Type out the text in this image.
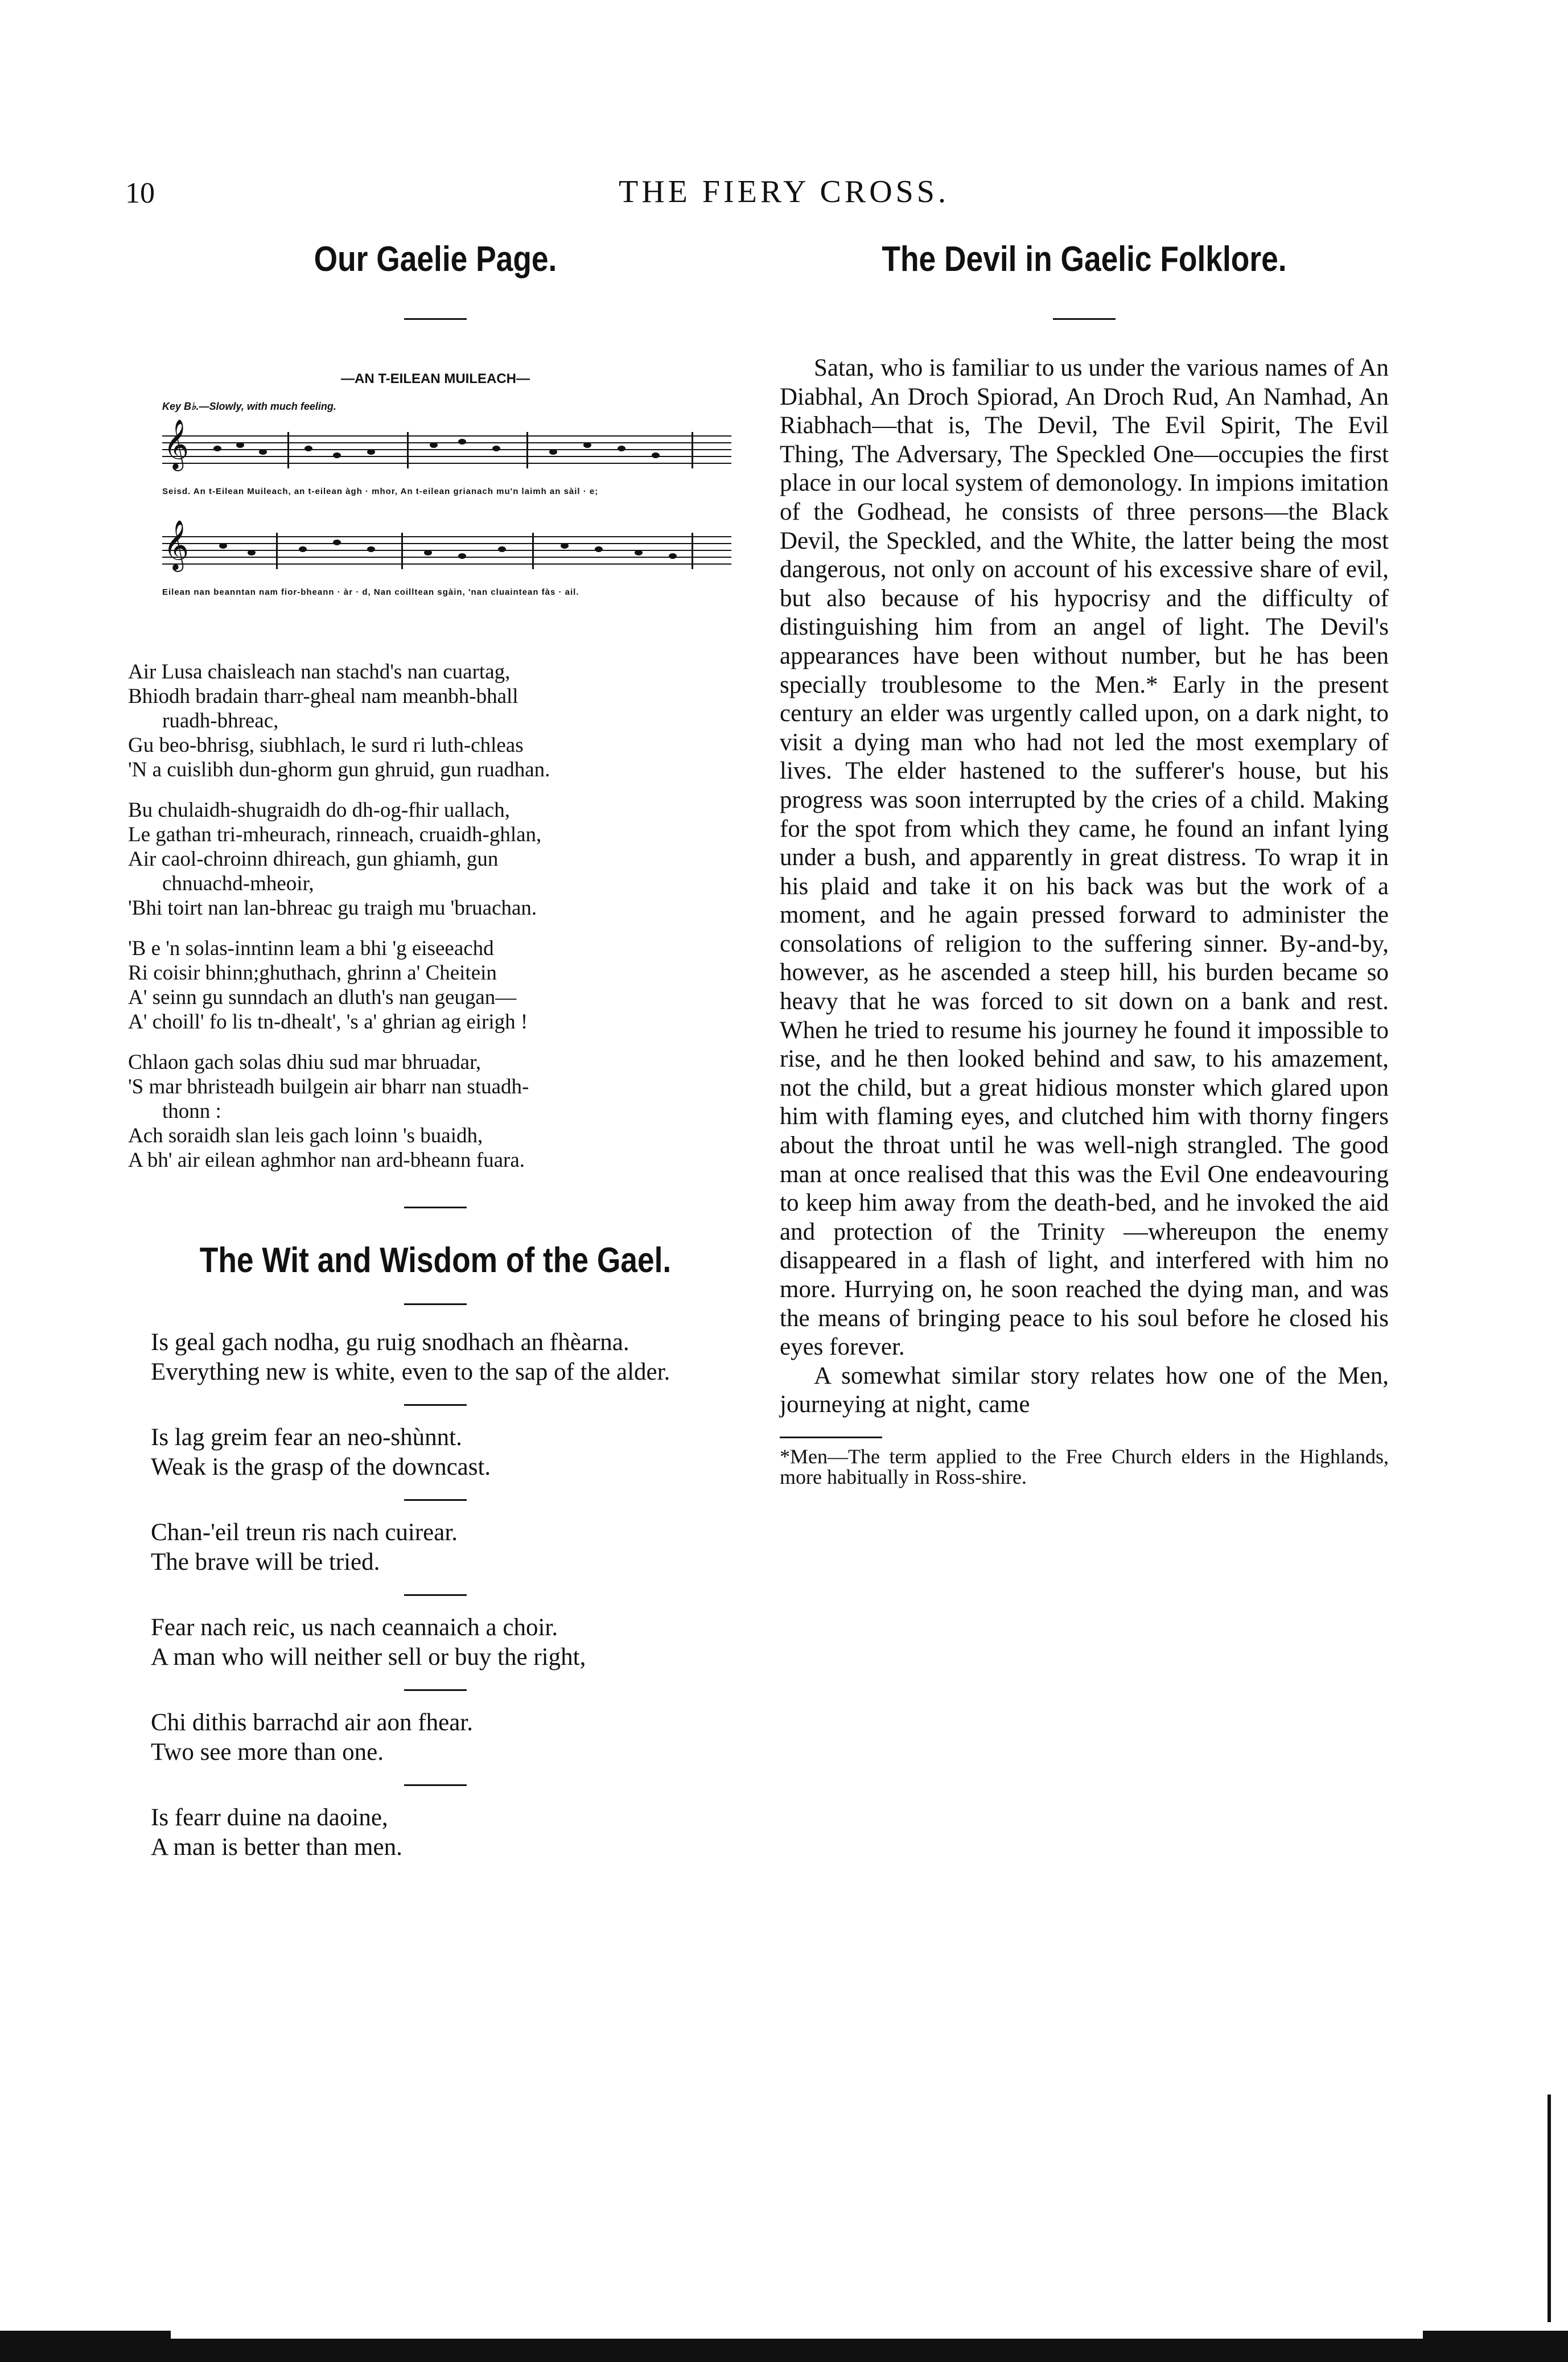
10	THE FIERY CROSS.
Our Gaelie Page.
—AN T-EILEAN MUILEACH—
Key B♭.—Slowly, with much feeling.
𝄞
Seisd. An t-Eilean Muileach, an t-eilean àgh · mhor, An t-eilean grianach mu'n laimh an sàil · e;
𝄞
Eilean nan beanntan nam fior-bheann · àr · d, Nan coilltean sgàin, 'nan cluaintean fàs · ail.
Air Lusa chaisleach nan stachd's nan cuartag,
Bhiodh bradain tharr-gheal nam meanbh-bhall
ruadh-bhreac,
Gu beo-bhrisg, siubhlach, le surd ri luth-chleas
'N a cuislibh dun-ghorm gun ghruid, gun ruadhan.
Bu chulaidh-shugraidh do dh-og-fhir uallach,
Le gathan tri-mheurach, rinneach, cruaidh-ghlan,
Air caol-chroinn dhireach, gun ghiamh, gun
chnuachd-mheoir,
'Bhi toirt nan lan-bhreac gu traigh mu 'bruachan.
'B e 'n solas-inntinn leam a bhi 'g eiseeachd
Ri coisir bhinn;ghuthach, ghrinn a' Cheitein
A' seinn gu sunndach an dluth's nan geugan—
A' choill' fo lis tn-dhealt', 's a' ghrian ag eirigh !
Chlaon gach solas dhiu sud mar bhruadar,
'S mar bhristeadh builgein air bharr nan stuadh-
thonn :
Ach soraidh slan leis gach loinn 's buaidh,
A bh' air eilean aghmhor nan ard-bheann fuara.
The Wit and Wisdom of the Gael.
Is geal gach nodha, gu ruig snodhach an fhèarna.
Everything new is white, even to the sap of the alder.
Is lag greim fear an neo-shùnnt.
Weak is the grasp of the downcast.
Chan-'eil treun ris nach cuirear.
The brave will be tried.
Fear nach reic, us nach ceannaich a choir.
A man who will neither sell or buy the right,
Chi dithis barrachd air aon fhear.
Two see more than one.
Is fearr duine na daoine,
A man is better than men.
The Devil in Gaelic Folklore.

Satan, who is familiar to us under the various names of An Diabhal, An Droch Spiorad, An Droch Rud, An Namhad, An Riabhach—that is, The Devil, The Evil Spirit, The Evil Thing, The Adversary, The Speckled One—occupies the first place in our local system of demonology. In impions imitation of the Godhead, he consists of three persons—the Black Devil, the Speckled, and the White, the latter being the most dangerous, not only on account of his excessive share of evil, but also because of his hypocrisy and the difficulty of distinguishing him from an angel of light. The Devil's appearances have been without number, but he has been specially troublesome to the Men.* Early in the present century an elder was urgently called upon, on a dark night, to visit a dying man who had not led the most exemplary of lives. The elder hastened to the sufferer's house, but his progress was soon interrupted by the cries of a child. Making for the spot from which they came, he found an infant lying under a bush, and apparently in great distress. To wrap it in his plaid and take it on his back was but the work of a moment, and he again pressed forward to administer the consolations of religion to the suffering sinner. By-and-by, however, as he ascended a steep hill, his burden became so heavy that he was forced to sit down on a bank and rest. When he tried to resume his journey he found it impossible to rise, and he then looked behind and saw, to his amazement, not the child, but a great hidious monster which glared upon him with flaming eyes, and clutched him with thorny fingers about the throat until he was well-nigh strangled. The good man at once realised that this was the Evil One endeavouring to keep him away from the death-bed, and he invoked the aid and protection of the Trinity —whereupon the enemy disappeared in a flash of light, and interfered with him no more. Hurrying on, he soon reached the dying man, and was the means of bringing peace to his soul before he closed his eyes forever.

A somewhat similar story relates how one of the Men, journeying at night, came

*Men—The term applied to the Free Church elders in the Highlands, more habitually in Ross-shire.
